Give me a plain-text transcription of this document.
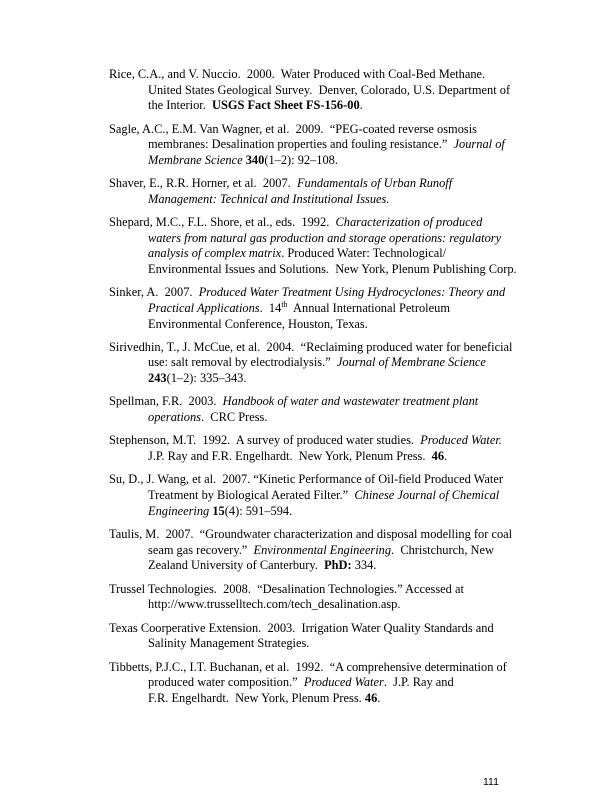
Rice, C.A., and V. Nuccio.  2000.  Water Produced with Coal-Bed Methane.
United States Geological Survey.  Denver, Colorado, U.S. Department of
the Interior.  USGS Fact Sheet FS-156-00.
Sagle, A.C., E.M. Van Wagner, et al.  2009.  “PEG-coated reverse osmosis
membranes: Desalination properties and fouling resistance.”  Journal of
Membrane Science 340(1–2): 92–108.
Shaver, E., R.R. Horner, et al.  2007.  Fundamentals of Urban Runoff
Management: Technical and Institutional Issues.
Shepard, M.C., F.L. Shore, et al., eds.  1992.  Characterization of produced
waters from natural gas production and storage operations: regulatory
analysis of complex matrix. Produced Water: Technological/
Environmental Issues and Solutions.  New York, Plenum Publishing Corp.
Sinker, A.  2007.  Produced Water Treatment Using Hydrocyclones: Theory and
Practical Applications.  14th  Annual International Petroleum
Environmental Conference, Houston, Texas.
Sirivedhin, T., J. McCue, et al.  2004.  “Reclaiming produced water for beneficial
use: salt removal by electrodialysis.”  Journal of Membrane Science
243(1–2): 335–343.
Spellman, F.R.  2003.  Handbook of water and wastewater treatment plant
operations.  CRC Press.
Stephenson, M.T.  1992.  A survey of produced water studies.  Produced Water.
J.P. Ray and F.R. Engelhardt.  New York, Plenum Press.  46.
Su, D., J. Wang, et al.  2007. “Kinetic Performance of Oil-field Produced Water
Treatment by Biological Aerated Filter.”  Chinese Journal of Chemical
Engineering 15(4): 591–594.
Taulis, M.  2007.  “Groundwater characterization and disposal modelling for coal
seam gas recovery.”  Environmental Engineering.  Christchurch, New
Zealand University of Canterbury.  PhD: 334.
Trussel Technologies.  2008.  “Desalination Technologies.” Accessed at
http://www.trusselltech.com/tech_desalination.asp.
Texas Coorperative Extension.  2003.  Irrigation Water Quality Standards and
Salinity Management Strategies.
Tibbetts, P.J.C., I.T. Buchanan, et al.  1992.  “A comprehensive determination of
produced water composition.”  Produced Water.  J.P. Ray and
F.R. Engelhardt.  New York, Plenum Press. 46.
111
